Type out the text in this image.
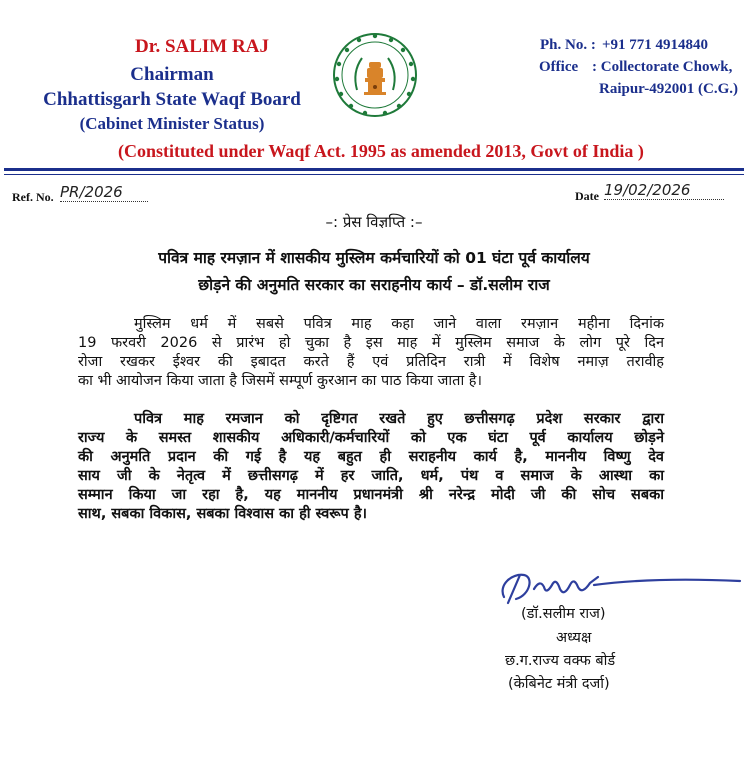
Dr. SALIM RAJ
Chairman
Chhattisgarh State Waqf Board
(Cabinet Minister Status)
Ph. No. : +91 771 4914840
Office : Collectorate Chowk,
Raipur-492001 (C.G.)
(Constituted under Waqf Act. 1995 as amended 2013, Govt of India )
Ref. No. PR/2026	Date 19/02/2026
–: प्रेस विज्ञप्ति :–
पवित्र माह रमज़ान में शासकीय मुस्लिम कर्मचारियों को 01 घंटा पूर्व कार्यालय
छोड़ने की अनुमति सरकार का सराहनीय कार्य – डॉ.सलीम राज
मुस्लिम धर्म में सबसे पवित्र माह कहा जाने वाला रमज़ान महीना दिनांक
19 फरवरी 2026 से प्रारंभ हो चुका है इस माह में मुस्लिम समाज के लोग पूरे दिन
रोजा रखकर ईश्वर की इबादत करते हैं एवं प्रतिदिन रात्री में विशेष नमाज़ तरावीह
का भी आयोजन किया जाता है जिसमें सम्पूर्ण कुरआन का पाठ किया जाता है।
पवित्र माह रमजान को दृष्टिगत रखते हुए छत्तीसगढ़ प्रदेश सरकार द्वारा
राज्य के समस्त शासकीय अधिकारी/कर्मचारियों को एक घंटा पूर्व कार्यालय छोड़ने
की अनुमति प्रदान की गई है यह बहुत ही सराहनीय कार्य है, माननीय विष्णु देव
साय जी के नेतृत्व में छत्तीसगढ़ में हर जाति, धर्म, पंथ व समाज के आस्था का
सम्मान किया जा रहा है, यह माननीय प्रधानमंत्री श्री नरेन्द्र मोदी जी की सोच सबका
साथ, सबका विकास, सबका विश्वास का ही स्वरूप है।
(डॉ.सलीम राज)
अध्यक्ष
छ.ग.राज्य वक्फ बोर्ड
(केबिनेट मंत्री दर्जा)
